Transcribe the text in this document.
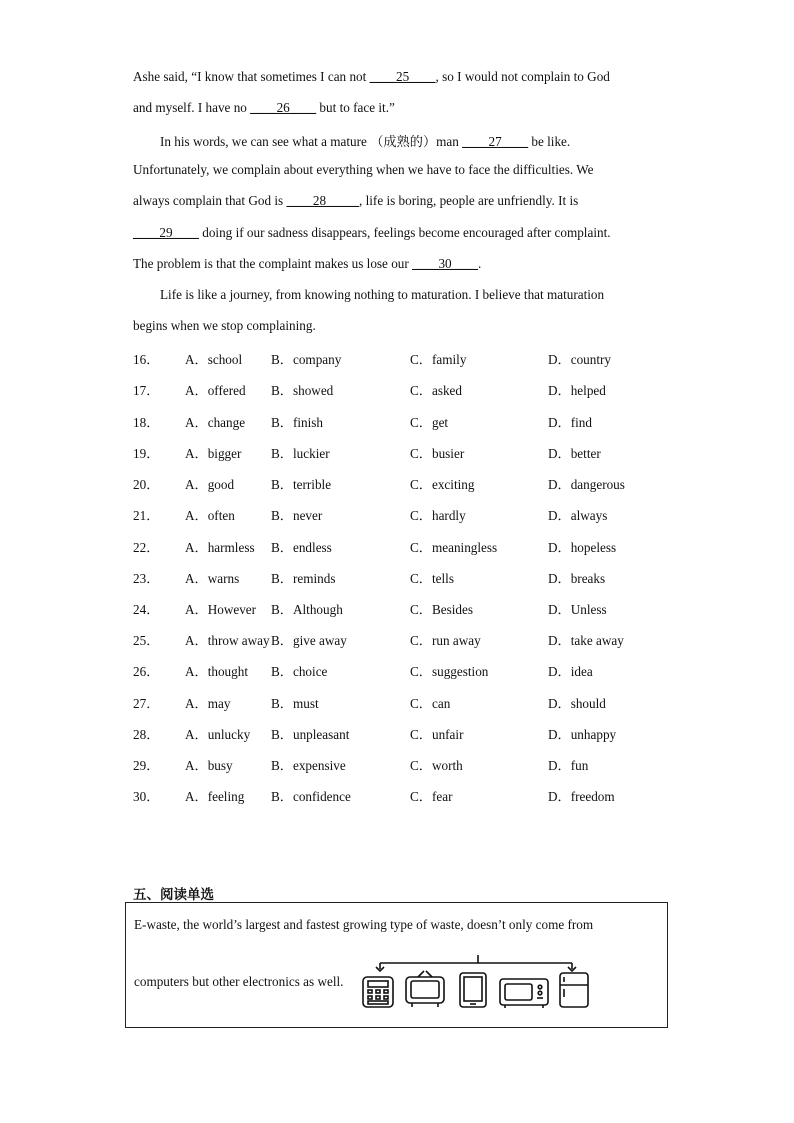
Ashe said, “I know that sometimes I can not ____25____, so I would not complain to God
and myself. I have no ____26____ but to face it.”
In his words, we can see what a mature （成熟的）man ____27____ be like.
Unfortunately, we complain about everything when we have to face the difficulties. We
always complain that God is ____28_____, life is boring, people are unfriendly. It is
____29____ doing if our sadness disappears, feelings become encouraged after complaint.
The problem is that the complaint makes us lose our ____30____.
Life is like a journey, from knowing nothing to maturation. I believe that maturation
begins when we stop complaining.
16． A．school B．company	C．family	D．country
17． A．offered B．showed	C．asked	D．helped
18． A．change B．finish	C．get	D．find
19． A．bigger B．luckier	C．busier	D．better
20． A．good	B．terrible	C．exciting	D．dangerous
21． A．often	B．never	C．hardly	D．always
22． A．harmless B．endless	C．meaningless	D．hopeless
23． A．warns B．reminds	C．tells	D．breaks
24． A．However B．Although	C．Besides	D．Unless
25． A．throw away B．give away	C．run away	D．take away
26． A．thought B．choice	C．suggestion	D．idea
27． A．may	B．must	C．can	D．should
28． A．unlucky B．unpleasant	C．unfair	D．unhappy
29． A．busy	B．expensive	C．worth	D．fun
30． A．feeling B．confidence	C．fear	D．freedom
五、阅读单选
E-waste, the world’s largest and fastest growing type of waste, doesn’t only come from
computers but other electronics as well.
